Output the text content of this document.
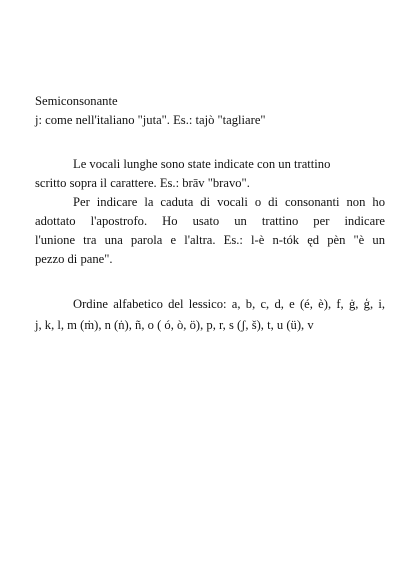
Semiconsonante
j: come nell'italiano "juta". Es.: tajò "tagliare"
Le vocali lunghe sono state indicate con un trattino
scritto sopra il carattere. Es.: brāv "bravo".
Per indicare la caduta di vocali o di consonanti non ho
adottato l'apostrofo. Ho usato un trattino per indicare
l'unione tra una parola e l'altra. Es.: l-è n-tók ęd pèn "è un
pezzo di pane".
Ordine alfabetico del lessico: a, b, c, d, e (é, è), f, ġ, ģ, i,
j, k, l, m (ṁ), n (ṅ), ñ, o ( ó, ò, ö), p, r, s (ʃ, š), t, u (ü), v
